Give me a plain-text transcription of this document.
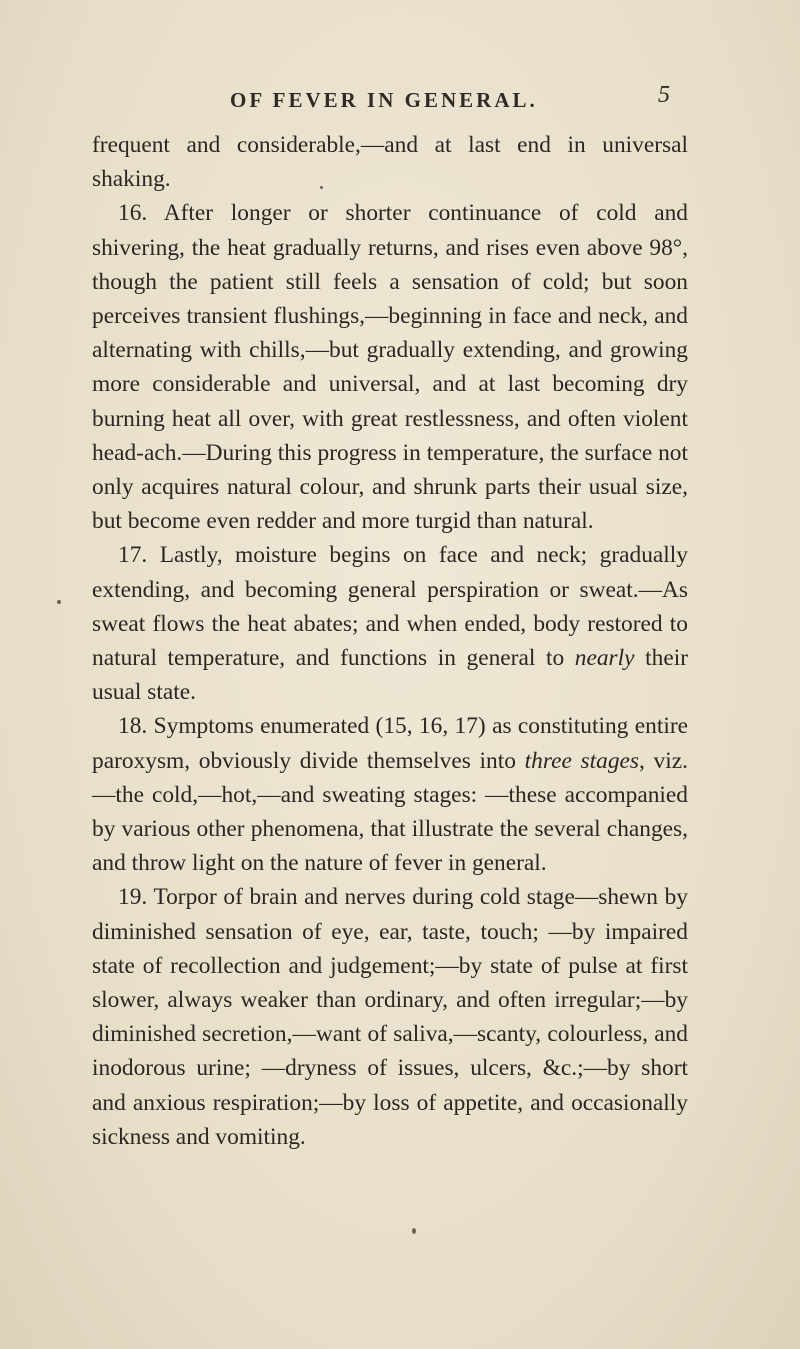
OF FEVER IN GENERAL.	5

frequent and considerable,—and at last end in universal shaking.

16. After longer or shorter continuance of cold and shivering, the heat gradually returns, and rises even above 98°, though the patient still feels a sensation of cold; but soon perceives transient flushings,—beginning in face and neck, and alternating with chills,—but gradually extending, and growing more considerable and universal, and at last becoming dry burning heat all over, with great restlessness, and often violent head-ach.—During this progress in temperature, the surface not only acquires natural colour, and shrunk parts their usual size, but become even redder and more turgid than natural.

17. Lastly, moisture begins on face and neck; gradually extending, and becoming general perspiration or sweat.—As sweat flows the heat abates; and when ended, body restored to natural temperature, and functions in general to nearly their usual state.

18. Symptoms enumerated (15, 16, 17) as constituting entire paroxysm, obviously divide themselves into three stages, viz.—the cold,—hot,—and sweating stages: —these accompanied by various other phenomena, that illustrate the several changes, and throw light on the nature of fever in general.

19. Torpor of brain and nerves during cold stage—shewn by diminished sensation of eye, ear, taste, touch; —by impaired state of recollection and judgement;—by state of pulse at first slower, always weaker than ordinary, and often irregular;—by diminished secretion,—want of saliva,—scanty, colourless, and inodorous urine; —dryness of issues, ulcers, &c.;—by short and anxious respiration;—by loss of appetite, and occasionally sickness and vomiting.
